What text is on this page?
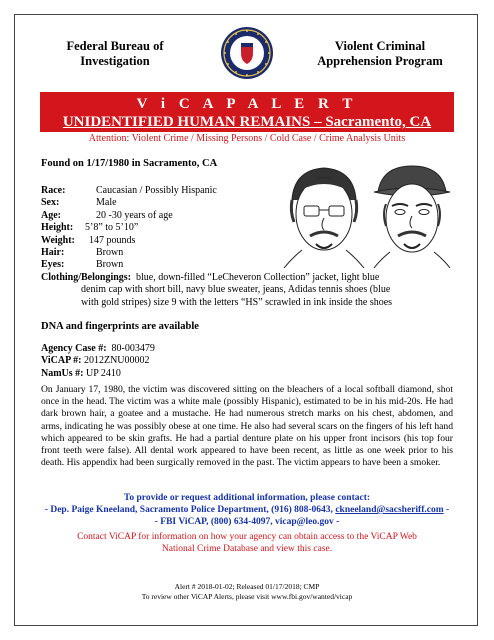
Federal Bureau of
Investigation
Violent Criminal
Apprehension Program
V i C A P A L E R T
UNIDENTIFIED HUMAN REMAINS – Sacramento, CA
Attention: Violent Crime / Missing Persons / Cold Case / Crime Analysis Units
Found on 1/17/1980 in Sacramento, CA
Race:	Caucasian / Possibly Hispanic
Sex:	Male
Age:	20 -30 years of age
Height:	5’8” to 5’10”
Weight:	147 pounds
Hair:	Brown
Eyes:	Brown
Clothing/Belongings: blue, down-filled “LeCheveron Collection” jacket, light blue
denim cap with short bill, navy blue sweater, jeans, Adidas tennis shoes (blue
with gold stripes) size 9 with the letters “HS” scrawled in ink inside the shoes
DNA and fingerprints are available
Agency Case #: 80-003479
ViCAP #: 2012ZNU00002
NamUs #: UP 2410
On January 17, 1980, the victim was discovered sitting on the bleachers of a local softball diamond, shot once in the head. The victim was a white male (possibly Hispanic), estimated to be in his mid-20s. He had dark brown hair, a goatee and a mustache. He had numerous stretch marks on his chest, abdomen, and arms, indicating he was possibly obese at one time. He also had several scars on the fingers of his left hand which appeared to be skin grafts. He had a partial denture plate on his upper front incisors (his top four front teeth were false). All dental work appeared to have been recent, as little as one week prior to his death. His appendix had been surgically removed in the past. The victim appears to have been a smoker.
To provide or request additional information, please contact:
- Dep. Paige Kneeland, Sacramento Police Department, (916) 808-0643, ckneeland@sacsheriff.com -
- FBI ViCAP, (800) 634-4097, vicap@leo.gov -
Contact ViCAP for information on how your agency can obtain access to the ViCAP Web
National Crime Database and view this case.
Alert # 2018-01-02; Released 01/17/2018; CMP
To review other ViCAP Alerts, please visit www.fbi.gov/wanted/vicap
